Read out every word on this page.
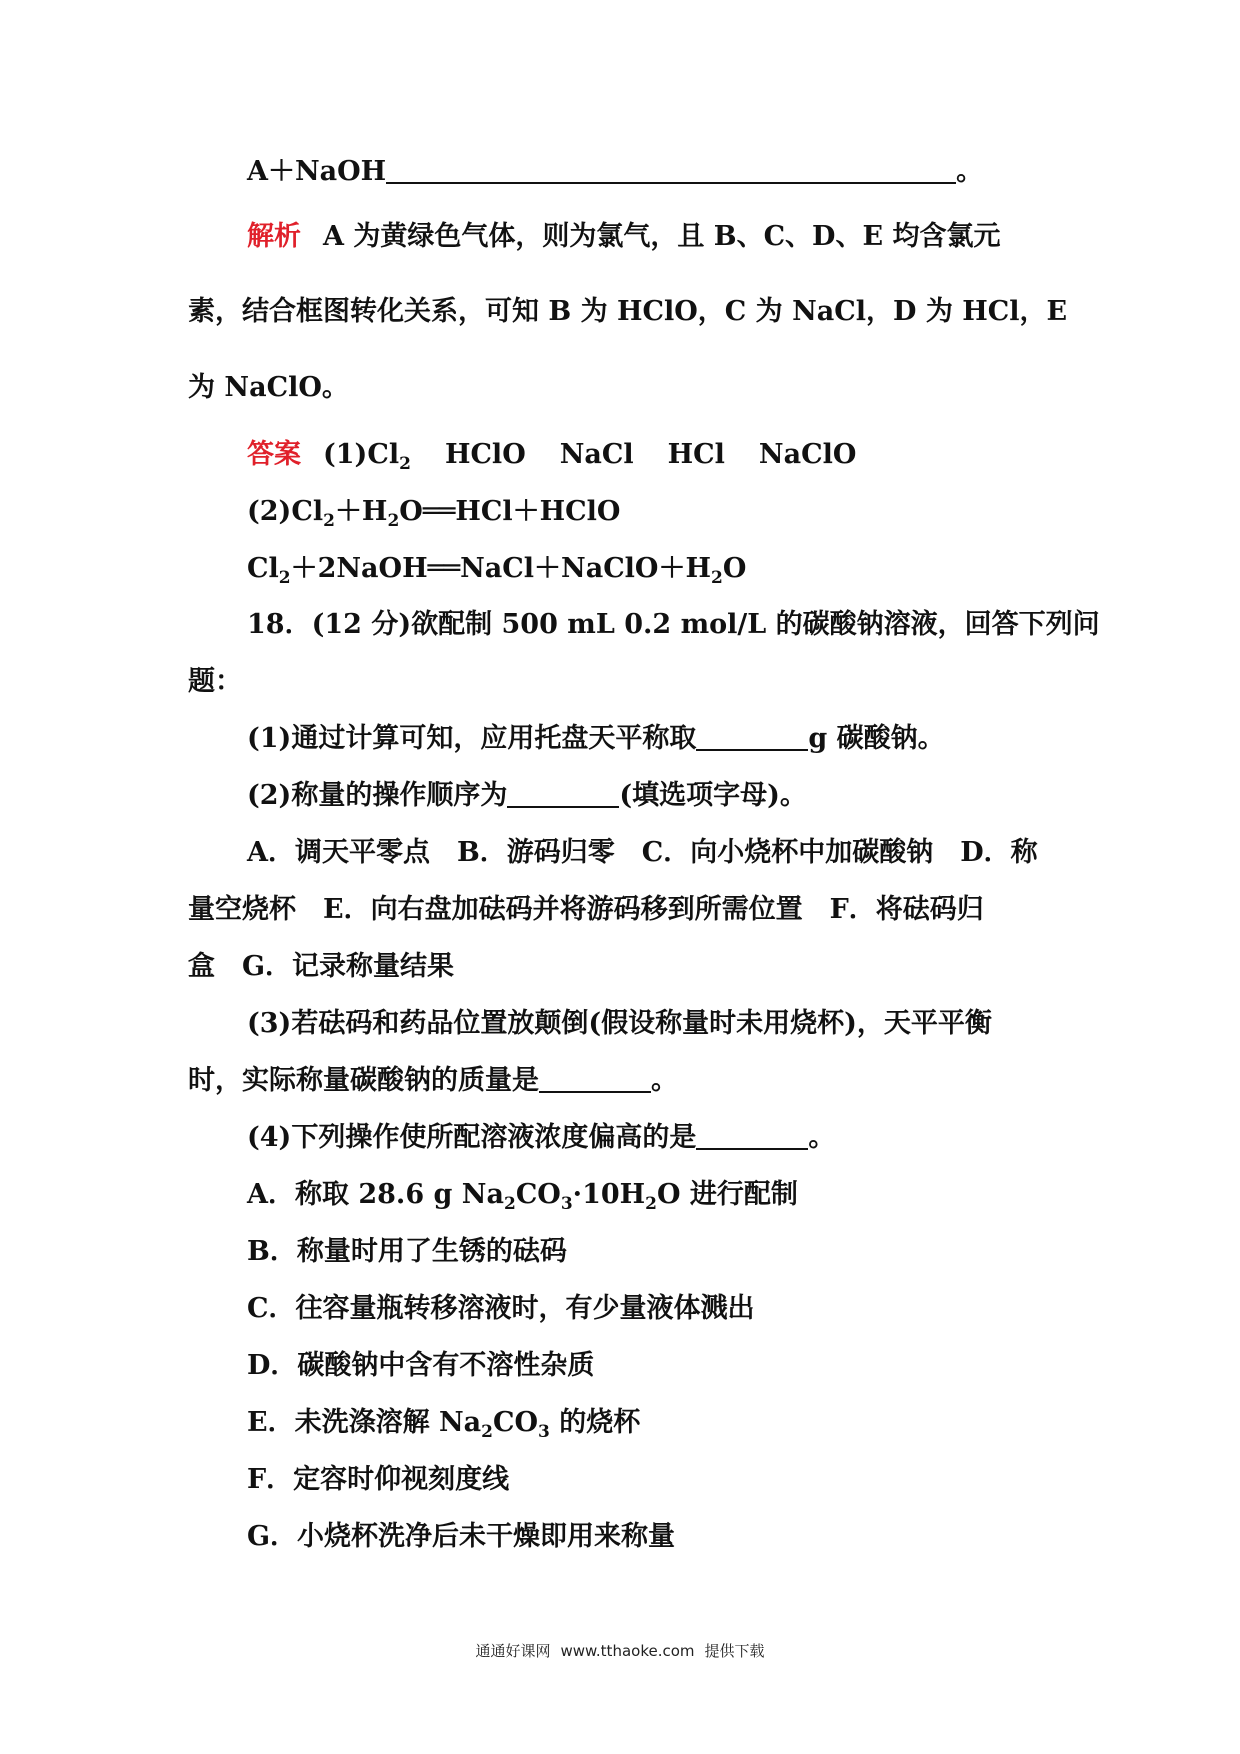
A＋NaOH	。
解析 A 为黄绿色气体，则为氯气，且 B、C、D、E 均含氯元
素，结合框图转化关系，可知 B 为 HClO，C 为 NaCl，D 为 HCl，E
为 NaClO。
答案 $(1)Cl_2$ HClO NaCl HCl NaClO
$(2)Cl_2+H_2O══HCl+HClO$
$Cl_2+2NaOH══NaCl+NaClO+H_2O$
18．(12 分)欲配制 500 mL 0.2 mol/L 的碳酸钠溶液，回答下列问
题：
(1)通过计算可知，应用托盘天平称取	g 碳酸钠。
(2)称量的操作顺序为	(填选项字母)。
A．调天平零点　B．游码归零　C．向小烧杯中加碳酸钠　D．称
量空烧杯　E．向右盘加砝码并将游码移到所需位置　F．将砝码归
盒　G．记录称量结果
(3)若砝码和药品位置放颠倒(假设称量时未用烧杯)，天平平衡
时，实际称量碳酸钠的质量是	。
(4)下列操作使所配溶液浓度偏高的是	。
A．称取 28.6 g $Na_2CO_3\cdot 10H_2O$ 进行配制
B．称量时用了生锈的砝码
C．往容量瓶转移溶液时，有少量液体溅出
D．碳酸钠中含有不溶性杂质
E．未洗涤溶解 $Na_2CO_3$ 的烧杯
F．定容时仰视刻度线
G．小烧杯洗净后未干燥即用来称量
通通好课网 www.tthaoke.com 提供下载
